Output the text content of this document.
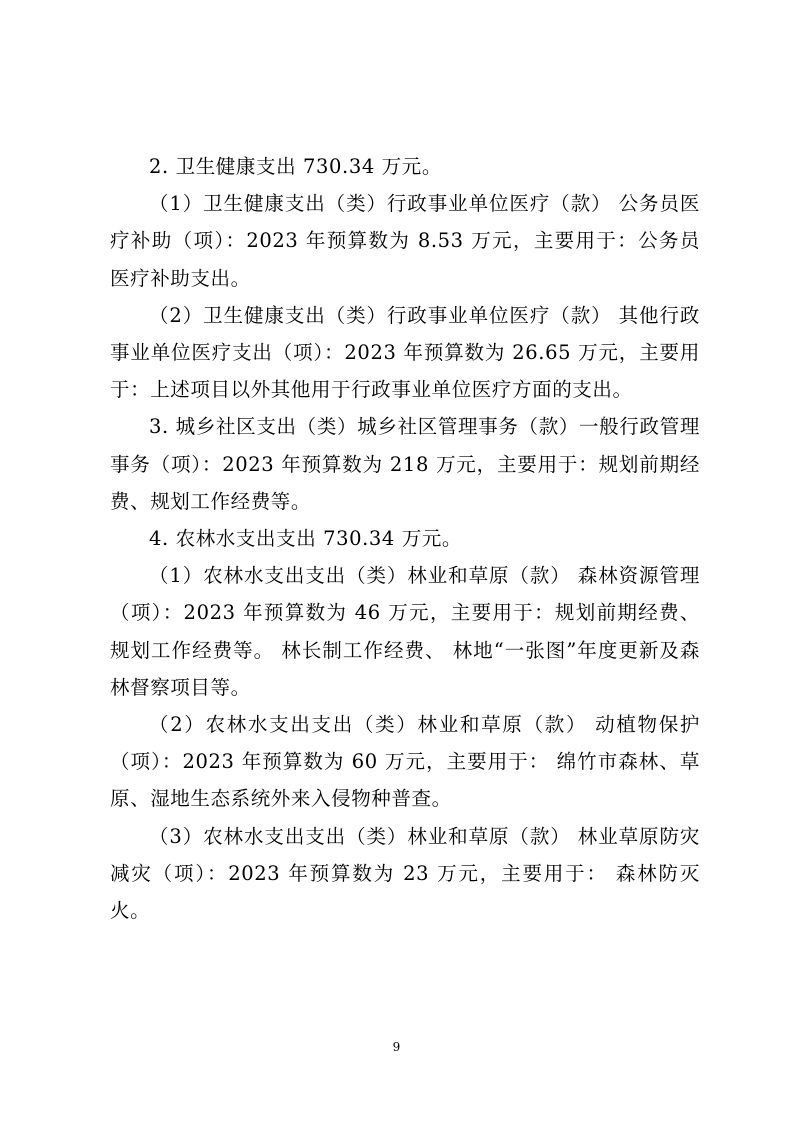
2. 卫生健康支出 730.34 万元。

（1）卫生健康支出（类）行政事业单位医疗（款） 公务员医疗补助（项）：2023 年预算数为 8.53 万元，主要用于：公务员医疗补助支出。

（2）卫生健康支出（类）行政事业单位医疗（款） 其他行政事业单位医疗支出（项）：2023 年预算数为 26.65 万元，主要用于：上述项目以外其他用于行政事业单位医疗方面的支出。

3. 城乡社区支出（类）城乡社区管理事务（款）一般行政管理事务（项）：2023 年预算数为 218 万元，主要用于：规划前期经费、规划工作经费等。

4. 农林水支出支出 730.34 万元。

（1）农林水支出支出（类）林业和草原（款） 森林资源管理（项）：2023 年预算数为 46 万元，主要用于：规划前期经费、规划工作经费等。 林长制工作经费、 林地“一张图”年度更新及森林督察项目等。

（2）农林水支出支出（类）林业和草原（款） 动植物保护（项）：2023 年预算数为 60 万元，主要用于： 绵竹市森林、草原、湿地生态系统外来入侵物种普查。

（3）农林水支出支出（类）林业和草原（款） 林业草原防灾减灾（项）：2023 年预算数为 23 万元，主要用于： 森林防灭火。

9
